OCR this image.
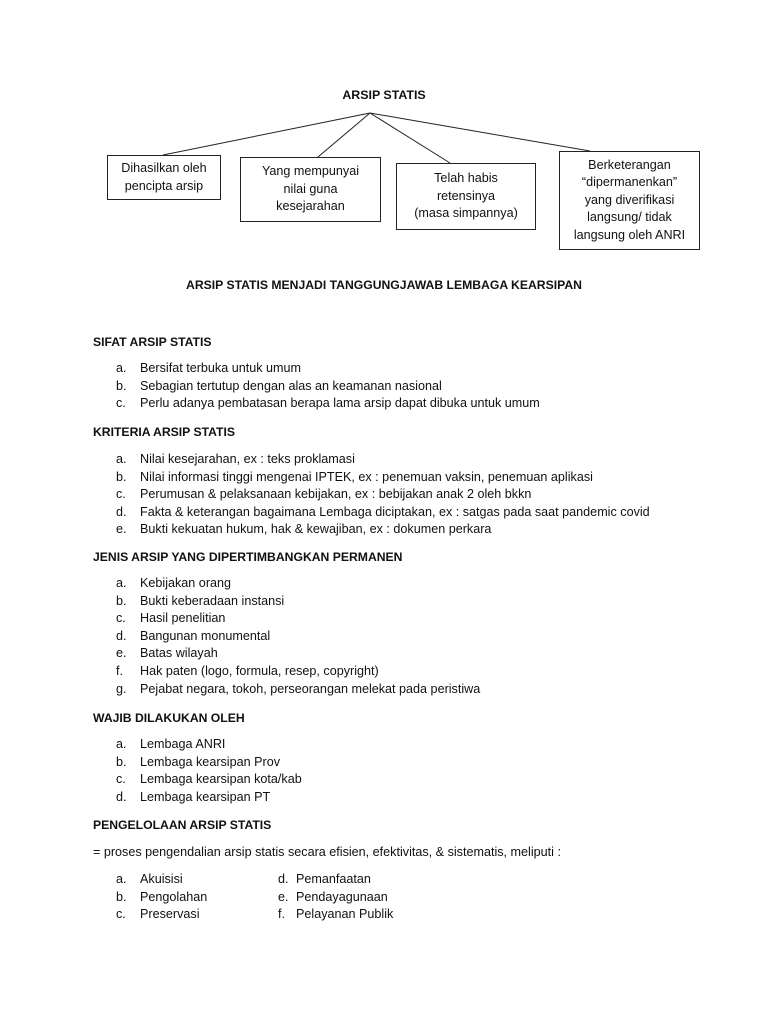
ARSIP STATIS
Dihasilkan oleh
pencipta arsip
Yang mempunyai
nilai guna
kesejarahan
Telah habis
retensinya
(masa simpannya)
Berketerangan
“dipermanenkan”
yang diverifikasi
langsung/ tidak
langsung oleh ANRI
ARSIP STATIS MENJADI TANGGUNGJAWAB LEMBAGA KEARSIPAN
SIFAT ARSIP STATIS
a. Bersifat terbuka untuk umum
b. Sebagian tertutup dengan alas an keamanan nasional
c. Perlu adanya pembatasan berapa lama arsip dapat dibuka untuk umum
KRITERIA ARSIP STATIS
a. Nilai kesejarahan, ex : teks proklamasi
b. Nilai informasi tinggi mengenai IPTEK, ex : penemuan vaksin, penemuan aplikasi
c. Perumusan & pelaksanaan kebijakan, ex : bebijakan anak 2 oleh bkkn
d. Fakta & keterangan bagaimana Lembaga diciptakan, ex : satgas pada saat pandemic covid
e. Bukti kekuatan hukum, hak & kewajiban, ex : dokumen perkara
JENIS ARSIP YANG DIPERTIMBANGKAN PERMANEN
a. Kebijakan orang
b. Bukti keberadaan instansi
c. Hasil penelitian
d. Bangunan monumental
e. Batas wilayah
f. Hak paten (logo, formula, resep, copyright)
g. Pejabat negara, tokoh, perseorangan melekat pada peristiwa
WAJIB DILAKUKAN OLEH
a. Lembaga ANRI
b. Lembaga kearsipan Prov
c. Lembaga kearsipan kota/kab
d. Lembaga kearsipan PT
PENGELOLAAN ARSIP STATIS
= proses pengendalian arsip statis secara efisien, efektivitas, & sistematis, meliputi :
a. Akuisisi
b. Pengolahan
c. Preservasi
d. Pemanfaatan
e. Pendayagunaan
f. Pelayanan Publik
